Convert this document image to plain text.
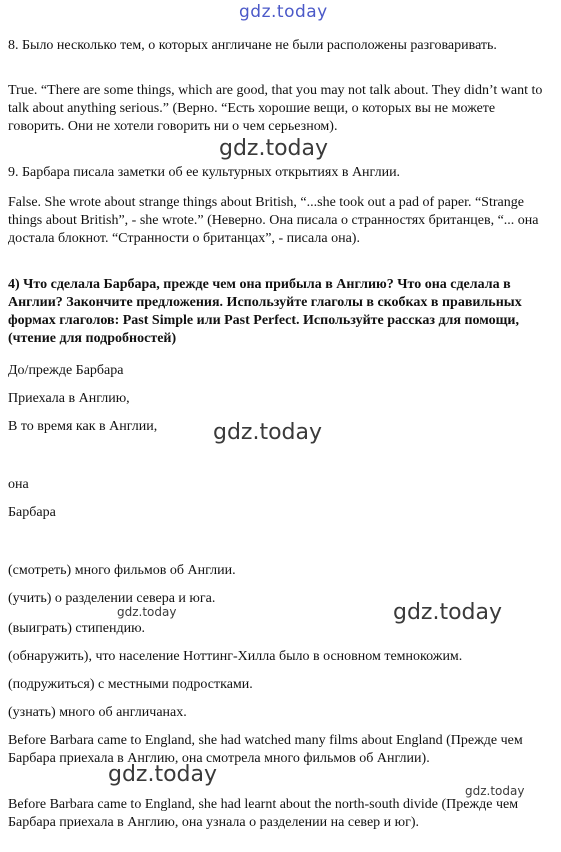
gdz.today

8. Было несколько тем, о которых англичане не были расположены разговаривать.

True. “There are some things, which are good, that you may not talk about. They didn’t want to talk about anything serious.” (Верно. “Есть хорошие вещи, о которых вы не можете говорить. Они не хотели говорить ни о чем серьезном).

9. Барбара писала заметки об ее культурных открытиях в Англии.

False. She wrote about strange things about British, “...she took out a pad of paper. “Strange things about British”, - she wrote.” (Неверно. Она писала о странностях британцев, “... она достала блокнот. “Странности о британцах”, - писала она).

4) Что сделала Барбара, прежде чем она прибыла в Англию? Что она сделала в Англии? Закончите предложения. Используйте глаголы в скобках в правильных формах глаголов: Past Simple или Past Perfect. Используйте рассказ для помощи, (чтение для подробностей)

До/прежде Барбара

Приехала в Англию,

В то время как в Англии,

она

Барбара

(смотреть) много фильмов об Англии.

(учить) о разделении севера и юга.

(выиграть) стипендию.

(обнаружить), что население Ноттинг-Хилла было в основном темнокожим.

(подружиться) с местными подростками.

(узнать) много об англичанах.

Before Barbara came to England, she had watched many films about England (Прежде чем Барбара приехала в Англию, она смотрела много фильмов об Англии).

Before Barbara came to England, she had learnt about the north-south divide (Прежде чем Барбара приехала в Англию, она узнала о разделении на север и юг).

gdz.today
gdz.today
gdz.today
gdz.today
gdz.today
gdz.today
